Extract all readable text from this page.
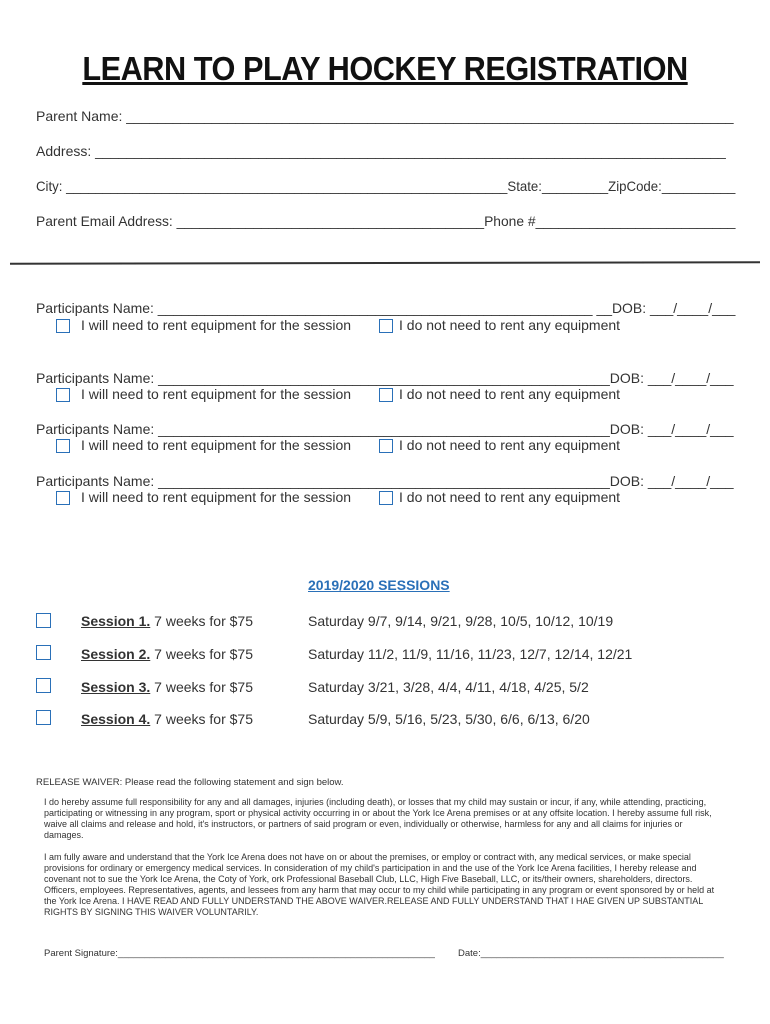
LEARN TO PLAY HOCKEY REGISTRATION
Parent Name: ______________________________________________________________________________
Address: _________________________________________________________________________________
City: ____________________________________________________________State:_________ZipCode:__________
Parent Email Address: ________________________________________Phone #__________________________
Participants Name: ________________________________________________________ __DOB: ___/____/___
I will need to rent equipment for the session	I do not need to rent any equipment
Participants Name: __________________________________________________________DOB: ___/____/___
I will need to rent equipment for the session	I do not need to rent any equipment
Participants Name: __________________________________________________________DOB: ___/____/___
I will need to rent equipment for the session	I do not need to rent any equipment
Participants Name: __________________________________________________________DOB: ___/____/___
I will need to rent equipment for the session	I do not need to rent any equipment
2019/2020 SESSIONS
Session 1. 7 weeks for $75	Saturday 9/7, 9/14, 9/21, 9/28, 10/5, 10/12, 10/19
Session 2. 7 weeks for $75	Saturday 11/2, 11/9, 11/16, 11/23, 12/7, 12/14, 12/21
Session 3. 7 weeks for $75	Saturday 3/21, 3/28, 4/4, 4/11, 4/18, 4/25, 5/2
Session 4. 7 weeks for $75	Saturday 5/9, 5/16, 5/23, 5/30, 6/6, 6/13, 6/20
RELEASE WAIVER: Please read the following statement and sign below.
I do hereby assume full responsibility for any and all damages, injuries (including death), or losses that my child may sustain or incur, if any, while attending, practicing, participating or witnessing in any program, sport or physical activity occurring in or about the York Ice Arena premises or at any offsite location. I hereby assume full risk, waive all claims and release and hold, it's instructors, or partners of said program or even, individually or otherwise, harmless for any and all claims for injuries or damages.
I am fully aware and understand that the York Ice Arena does not have on or about the premises, or employ or contract with, any medical services, or make special provisions for ordinary or emergency medical services. In consideration of my child's participation in and the use of the York Ice Arena facilities, I hereby release and covenant not to sue the York Ice Arena, the Coty of York, ork Professional Baseball Club, LLC, High Five Baseball, LLC, or its/their owners, shareholders, directors. Officers, employees. Representatives, agents, and lessees from any harm that may occur to my child while participating in any program or event sponsored by or held at the York Ice Arena. I HAVE READ AND FULLY UNDERSTAND THE ABOVE WAIVER.RELEASE AND FULLY UNDERSTAND THAT I HAE GIVEN UP SUBSTANTIAL RIGHTS BY SIGNING THIS WAIVER VOLUNTARILY.
Parent Signature:____________________________________________________________ Date:______________________________________________
